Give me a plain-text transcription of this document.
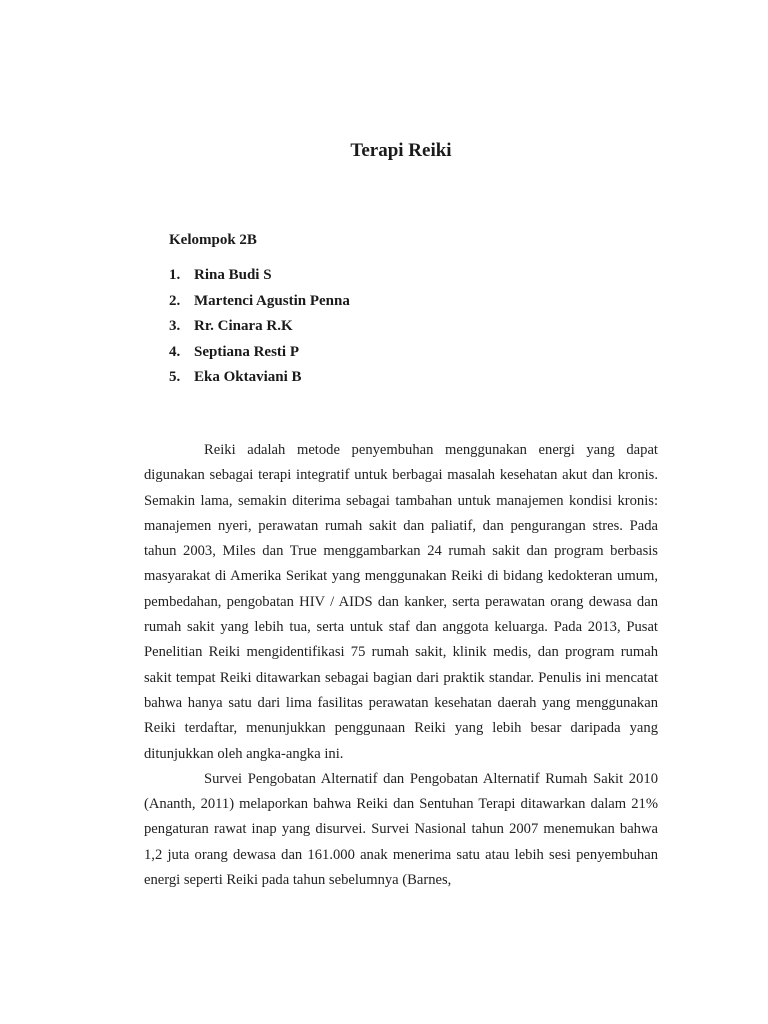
Terapi Reiki
Kelompok 2B
1. Rina Budi S
2. Martenci Agustin Penna
3. Rr. Cinara R.K
4. Septiana Resti P
5. Eka Oktaviani B

Reiki adalah metode penyembuhan menggunakan energi yang dapat digunakan sebagai terapi integratif untuk berbagai masalah kesehatan akut dan kronis. Semakin lama, semakin diterima sebagai tambahan untuk manajemen kondisi kronis: manajemen nyeri, perawatan rumah sakit dan paliatif, dan pengurangan stres. Pada tahun 2003, Miles dan True menggambarkan 24 rumah sakit dan program berbasis masyarakat di Amerika Serikat yang menggunakan Reiki di bidang kedokteran umum, pembedahan, pengobatan HIV / AIDS dan kanker, serta perawatan orang dewasa dan rumah sakit yang lebih tua, serta untuk staf dan anggota keluarga. Pada 2013, Pusat Penelitian Reiki mengidentifikasi 75 rumah sakit, klinik medis, dan program rumah sakit tempat Reiki ditawarkan sebagai bagian dari praktik standar. Penulis ini mencatat bahwa hanya satu dari lima fasilitas perawatan kesehatan daerah yang menggunakan Reiki terdaftar, menunjukkan penggunaan Reiki yang lebih besar daripada yang ditunjukkan oleh angka-angka ini.

Survei Pengobatan Alternatif dan Pengobatan Alternatif Rumah Sakit 2010 (Ananth, 2011) melaporkan bahwa Reiki dan Sentuhan Terapi ditawarkan dalam 21% pengaturan rawat inap yang disurvei. Survei Nasional tahun 2007 menemukan bahwa 1,2 juta orang dewasa dan 161.000 anak menerima satu atau lebih sesi penyembuhan energi seperti Reiki pada tahun sebelumnya (Barnes,
